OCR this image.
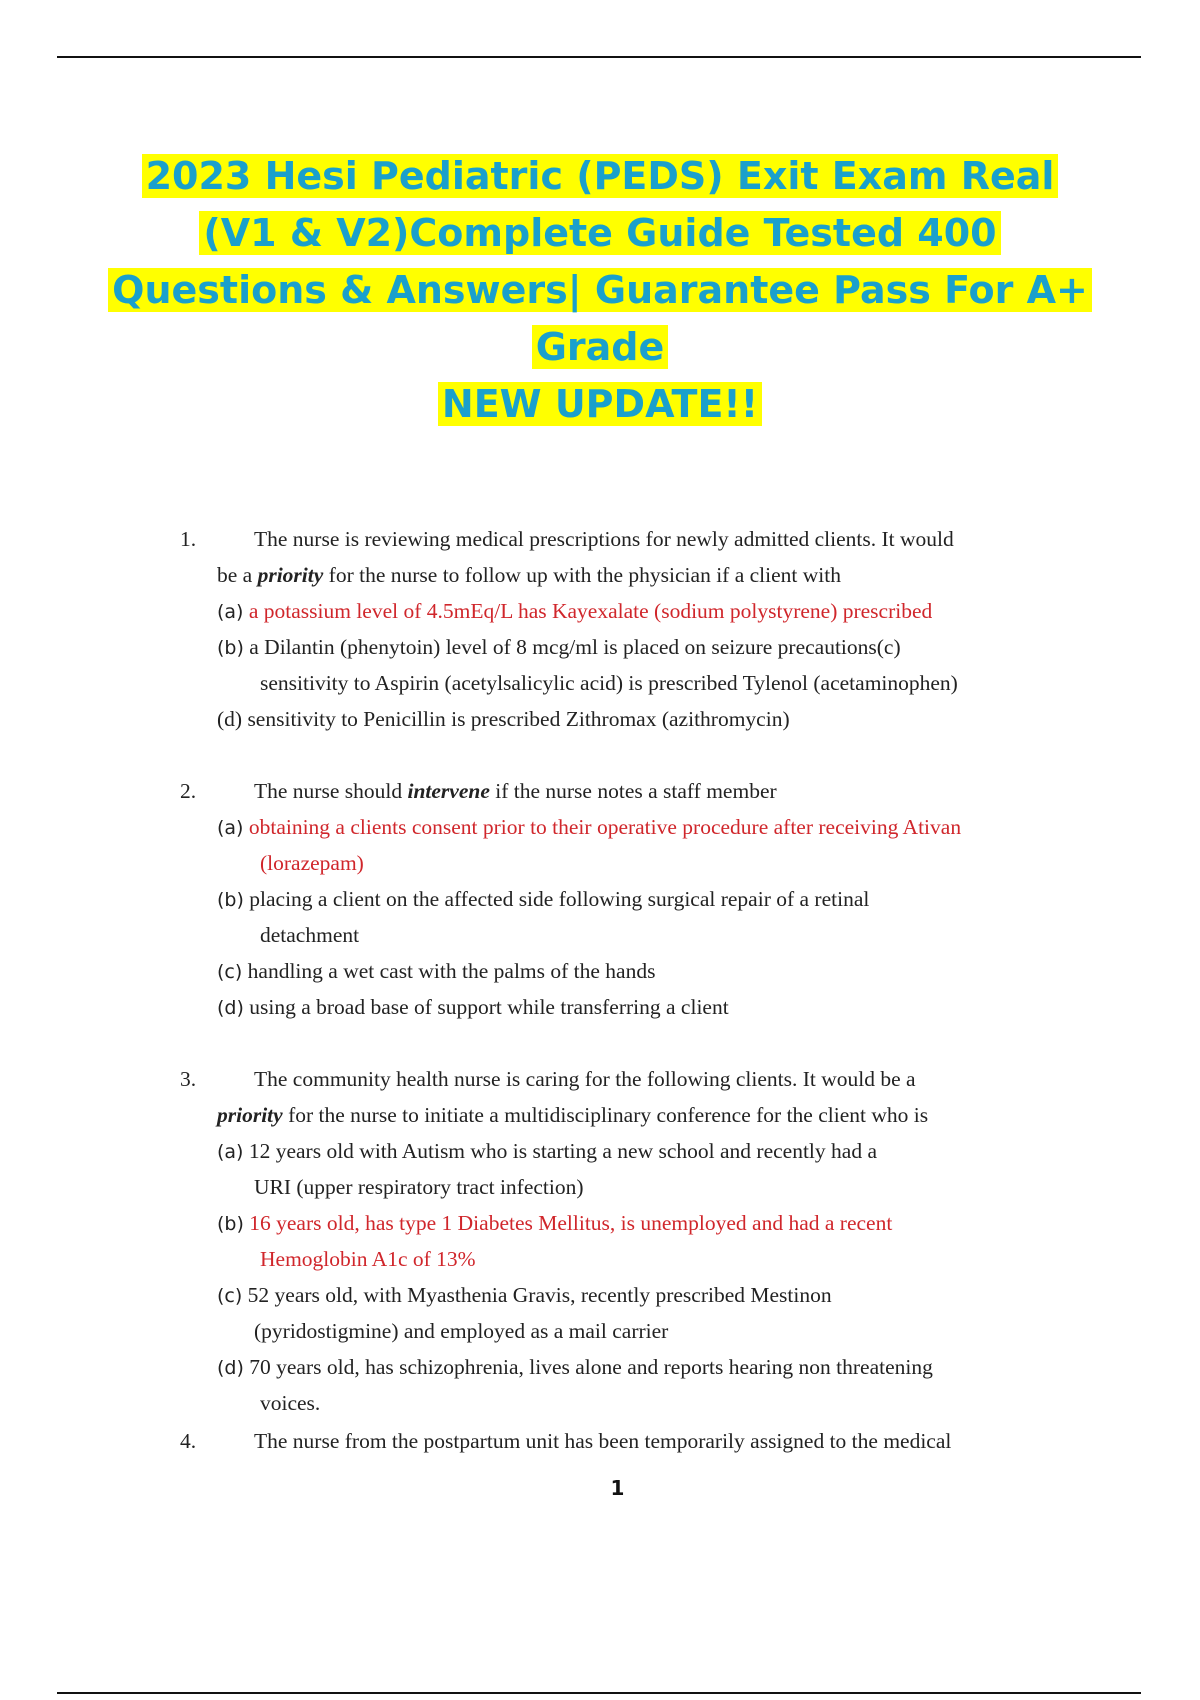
2023 Hesi Pediatric (PEDS) Exit Exam Real
(V1 & V2)Complete Guide Tested 400
Questions & Answers| Guarantee Pass For A+
Grade
NEW UPDATE!!
1.	The nurse is reviewing medical prescriptions for newly admitted clients. It would
be a priority for the nurse to follow up with the physician if a client with
(a) a potassium level of 4.5mEq/L has Kayexalate (sodium polystyrene) prescribed
(b) a Dilantin (phenytoin) level of 8 mcg/ml is placed on seizure precautions(c)
sensitivity to Aspirin (acetylsalicylic acid) is prescribed Tylenol (acetaminophen)
(d) sensitivity to Penicillin is prescribed Zithromax (azithromycin)
2.	The nurse should intervene if the nurse notes a staff member
(a) obtaining a clients consent prior to their operative procedure after receiving Ativan
(lorazepam)
(b) placing a client on the affected side following surgical repair of a retinal
detachment
(c) handling a wet cast with the palms of the hands
(d) using a broad base of support while transferring a client
3.	The community health nurse is caring for the following clients. It would be a
priority for the nurse to initiate a multidisciplinary conference for the client who is
(a) 12 years old with Autism who is starting a new school and recently had a
URI (upper respiratory tract infection)
(b) 16 years old, has type 1 Diabetes Mellitus, is unemployed and had a recent
Hemoglobin A1c of 13%
(c) 52 years old, with Myasthenia Gravis, recently prescribed Mestinon
(pyridostigmine) and employed as a mail carrier
(d) 70 years old, has schizophrenia, lives alone and reports hearing non threatening
voices.
4.	The nurse from the postpartum unit has been temporarily assigned to the medical
1
